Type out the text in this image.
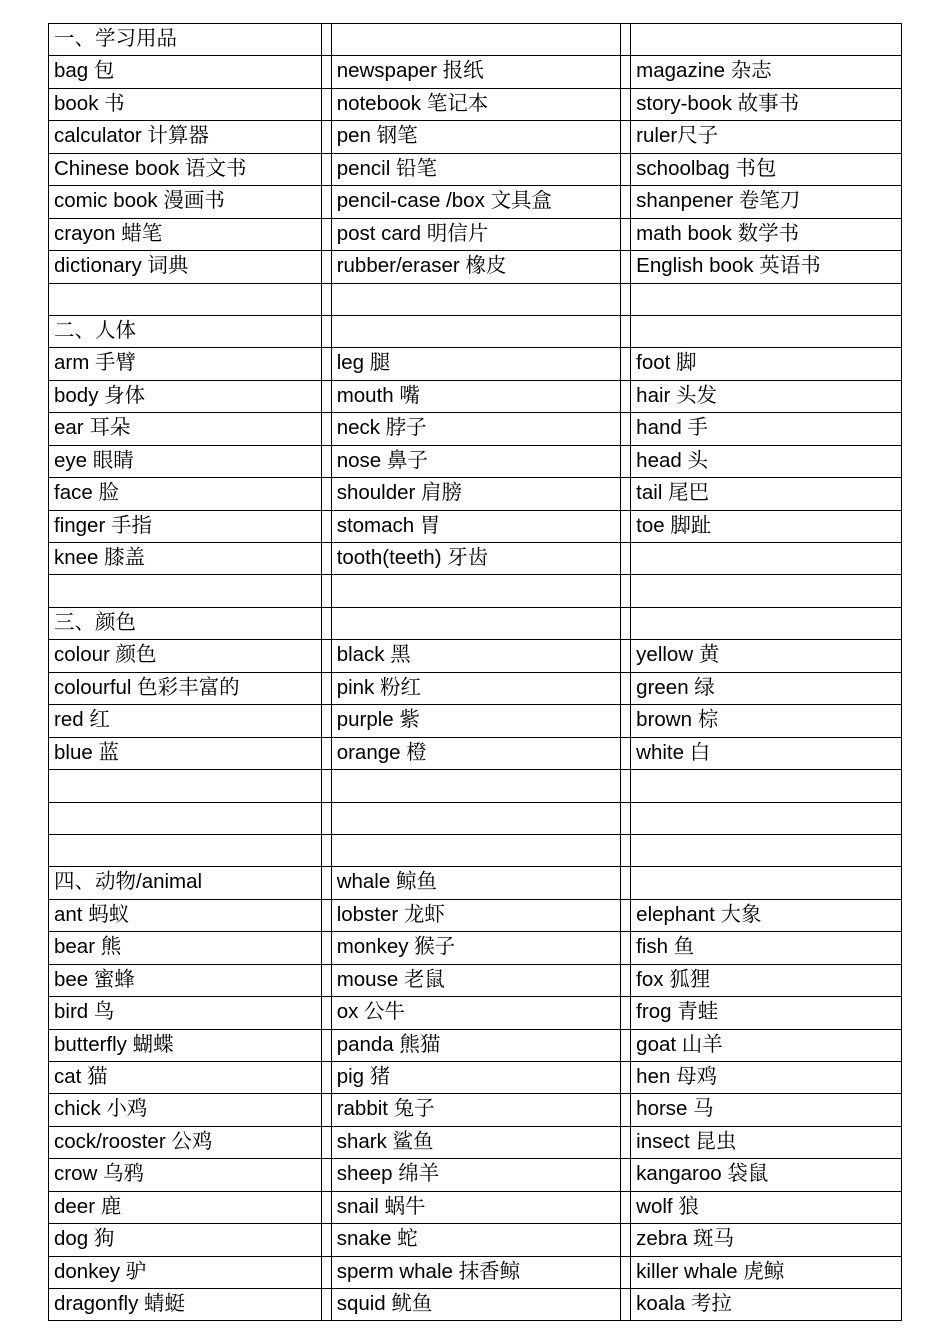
一、学习用品
bag 包	newspaper 报纸	magazine 杂志
book 书	notebook 笔记本	story-book 故事书
calculator 计算器	pen 钢笔	ruler尺子
Chinese book 语文书	pencil 铅笔	schoolbag 书包
comic book 漫画书	pencil-case /box 文具盒	shanpener 卷笔刀
crayon 蜡笔	post card 明信片	math book 数学书
dictionary 词典	rubber/eraser 橡皮	English book 英语书
二、人体
arm 手臂	leg 腿	foot 脚
body 身体	mouth 嘴	hair 头发
ear 耳朵	neck 脖子	hand 手
eye 眼睛	nose 鼻子	head 头
face 脸	shoulder 肩膀	tail 尾巴
finger 手指	stomach 胃	toe 脚趾
knee 膝盖	tooth(teeth) 牙齿
三、颜色
colour 颜色	black 黑	yellow 黄
colourful 色彩丰富的	pink 粉红	green 绿
red 红	purple 紫	brown 棕
blue 蓝	orange 橙	white 白
四、动物/animal	whale 鲸鱼
ant 蚂蚁	lobster 龙虾	elephant 大象
bear 熊	monkey 猴子	fish 鱼
bee 蜜蜂	mouse 老鼠	fox 狐狸
bird 鸟	ox 公牛	frog 青蛙
butterfly 蝴蝶	panda 熊猫	goat 山羊
cat 猫	pig 猪	hen 母鸡
chick 小鸡	rabbit 兔子	horse 马
cock/rooster 公鸡	shark 鲨鱼	insect 昆虫
crow 乌鸦	sheep 绵羊	kangaroo 袋鼠
deer 鹿	snail 蜗牛	wolf 狼
dog 狗	snake 蛇	zebra 斑马
donkey 驴	sperm whale 抹香鲸	killer whale 虎鲸
dragonfly 蜻蜓	squid 鱿鱼	koala 考拉
